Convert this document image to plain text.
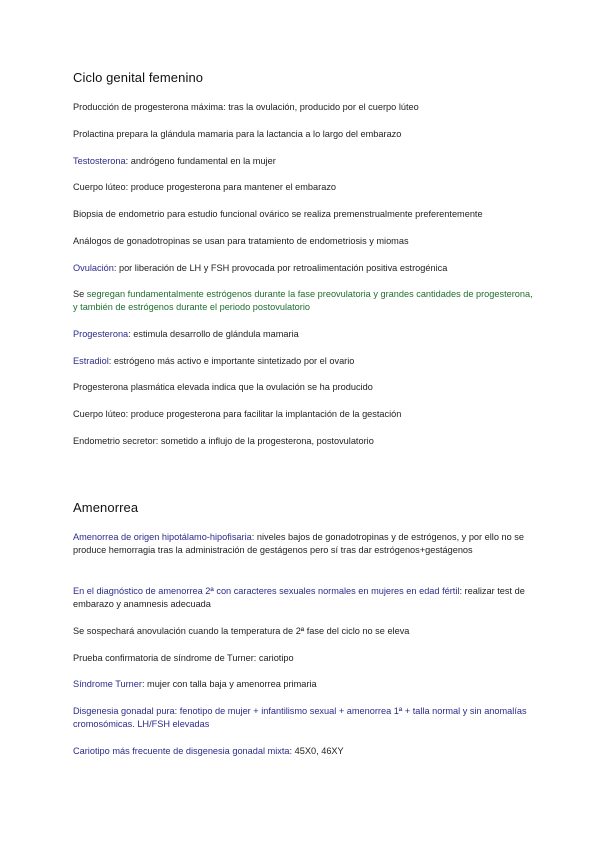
Ciclo genital femenino

Producción de progesterona máxima: tras la ovulación, producido por el cuerpo lúteo

Prolactina prepara la glándula mamaria para la lactancia a lo largo del embarazo

Testosterona: andrógeno fundamental en la mujer

Cuerpo lúteo: produce progesterona para mantener el embarazo

Biopsia de endometrio para estudio funcional ovárico se realiza premenstrualmente preferentemente

Análogos de gonadotropinas se usan para tratamiento de endometriosis y miomas

Ovulación: por liberación de LH y FSH provocada por retroalimentación positiva estrogénica

Se segregan fundamentalmente estrógenos durante la fase preovulatoria y grandes cantidades de progesterona, y también de estrógenos durante el periodo postovulatorio

Progesterona: estimula desarrollo de glándula mamaria

Estradiol: estrógeno más activo e importante sintetizado por el ovario

Progesterona plasmática elevada indica que la ovulación se ha producido

Cuerpo lúteo: produce progesterona para facilitar la implantación de la gestación

Endometrio secretor: sometido a influjo de la progesterona, postovulatorio

Amenorrea

Amenorrea de origen hipotálamo-hipofisaria: niveles bajos de gonadotropinas y de estrógenos, y por ello no se produce hemorragia tras la administración de gestágenos pero sí tras dar estrógenos+gestágenos

En el diagnóstico de amenorrea 2ª con caracteres sexuales normales en mujeres en edad fértil: realizar test de embarazo y anamnesis adecuada

Se sospechará anovulación cuando la temperatura de 2ª fase del ciclo no se eleva

Prueba confirmatoria de síndrome de Turner: cariotipo

Síndrome Turner: mujer con talla baja y amenorrea primaria

Disgenesia gonadal pura: fenotipo de mujer + infantilismo sexual + amenorrea 1ª + talla normal y sin anomalías cromosómicas. LH/FSH elevadas

Cariotipo más frecuente de disgenesia gonadal mixta: 45X0, 46XY
